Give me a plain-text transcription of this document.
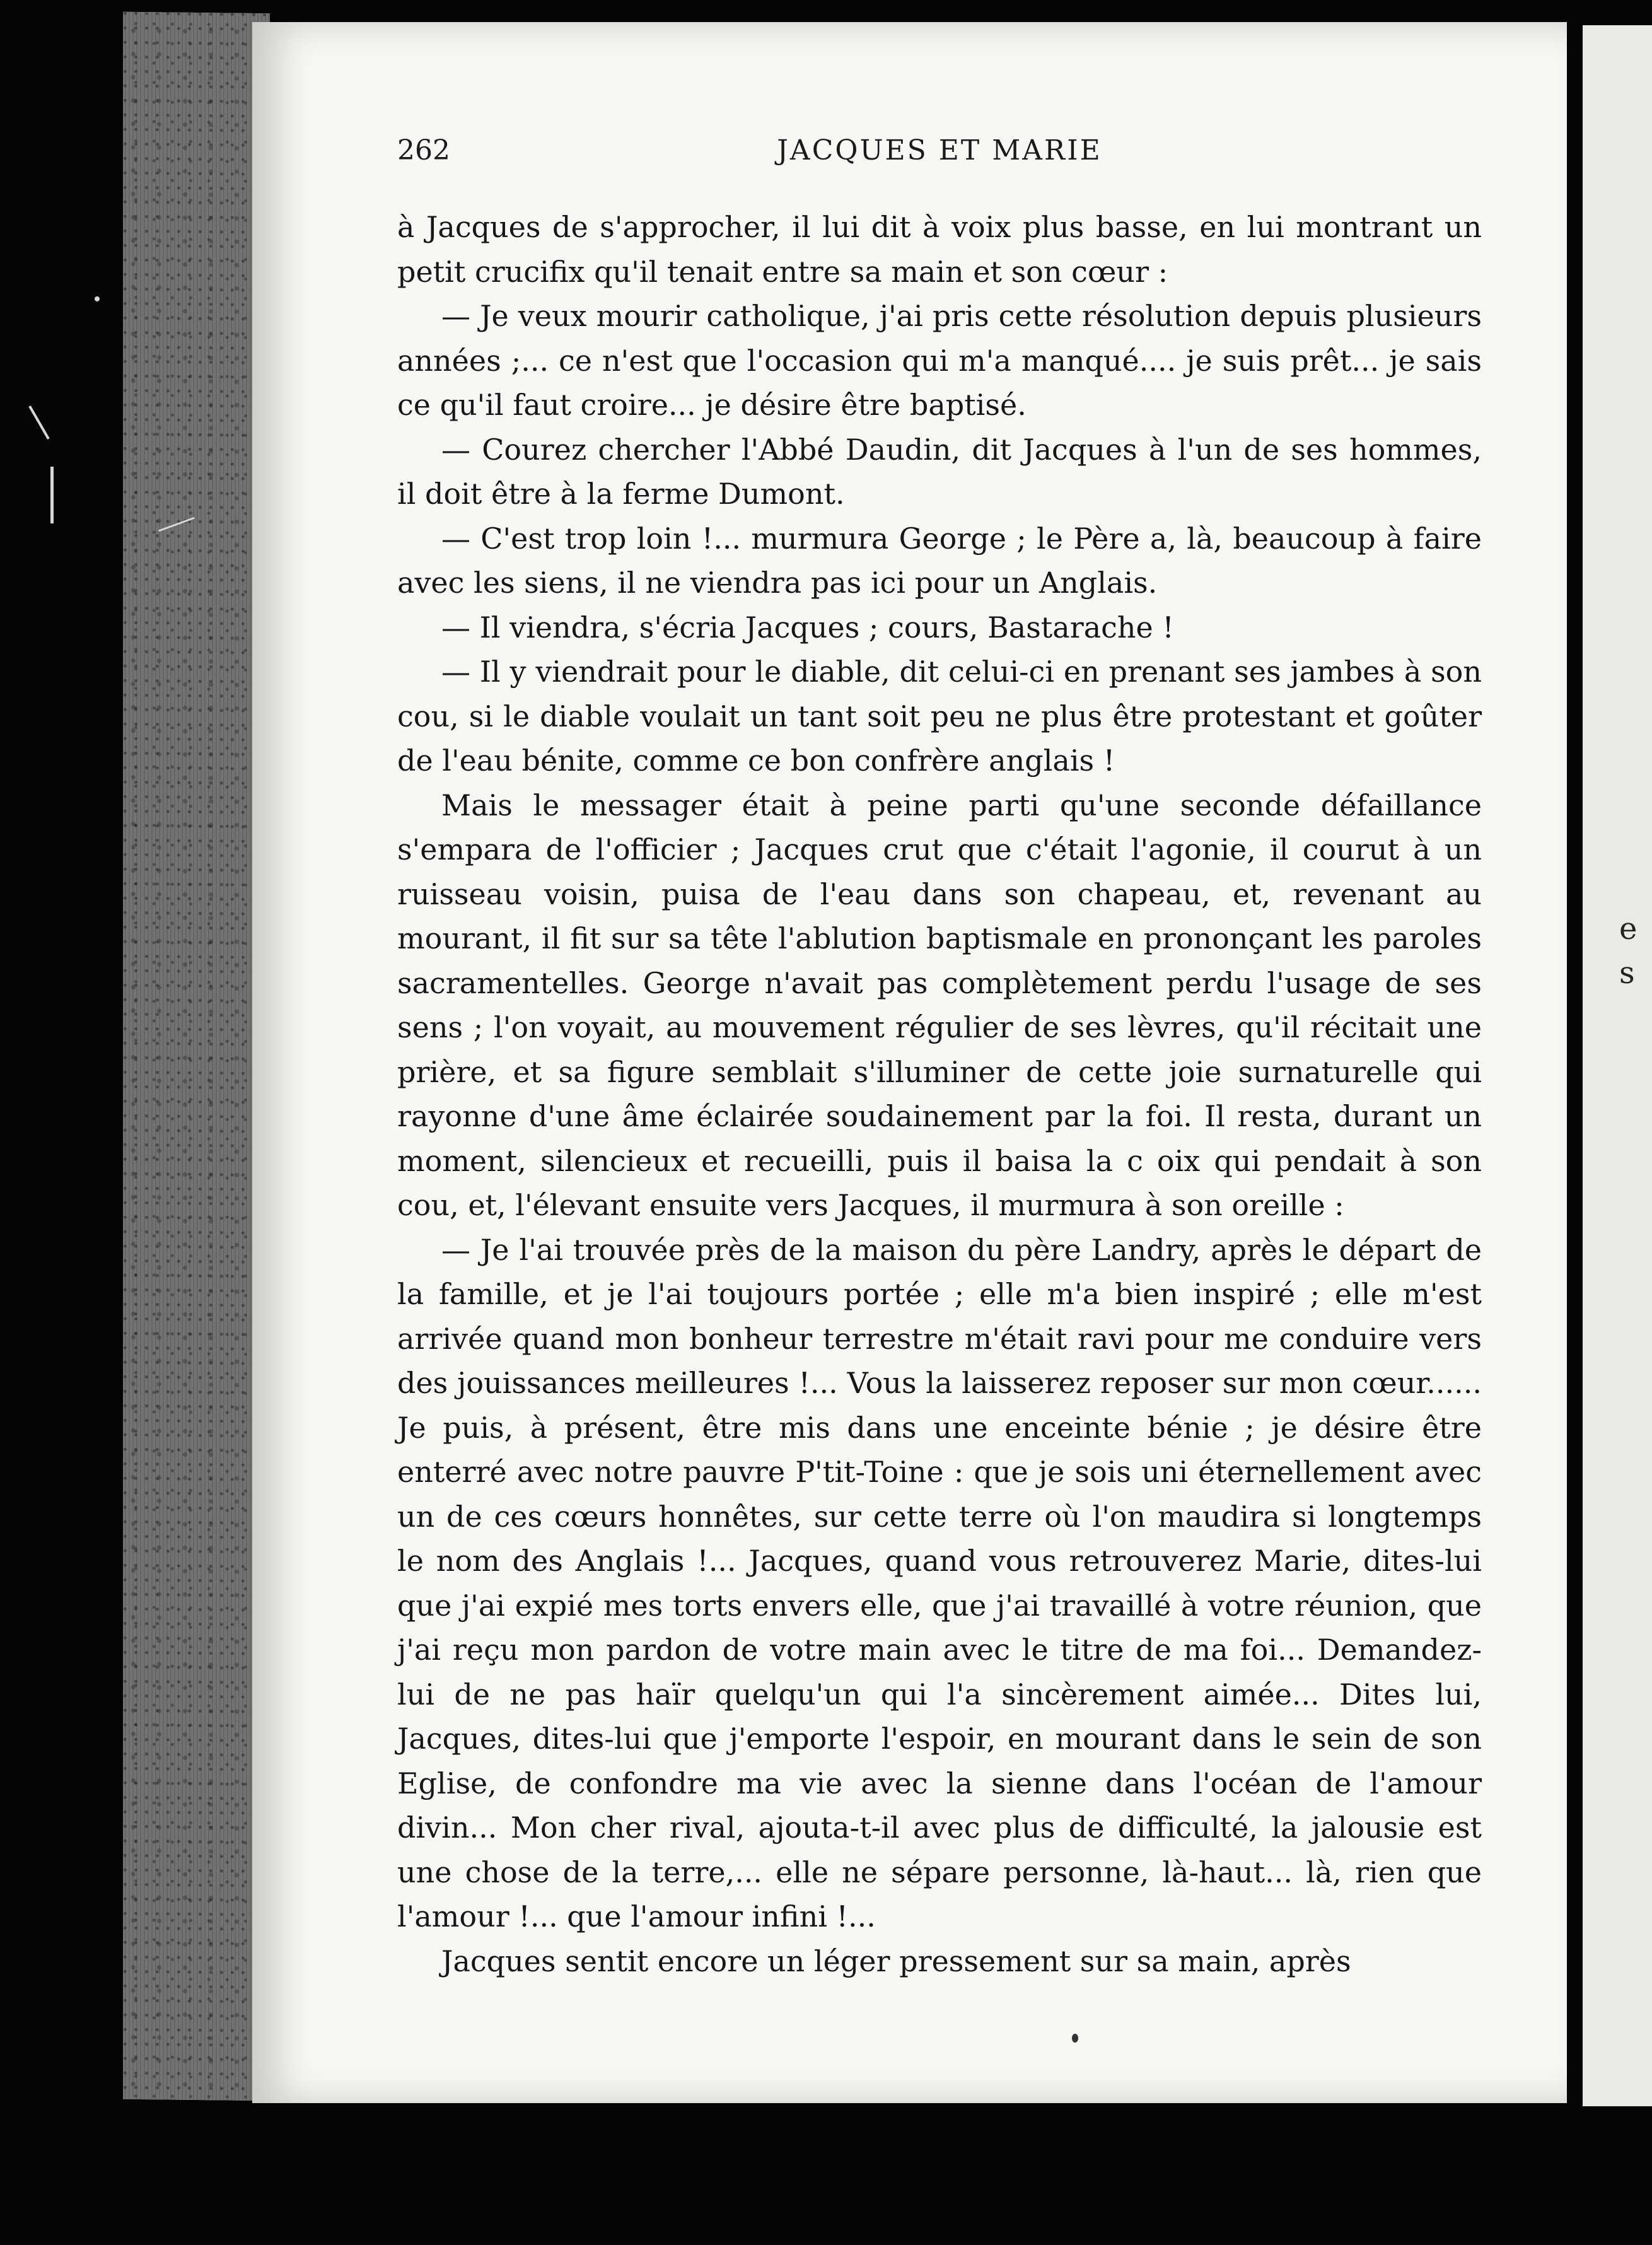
262	JACQUES ET MARIE

à Jacques de s'approcher, il lui dit à voix plus basse, en lui montrant un petit crucifix qu'il tenait entre sa main et son cœur :

— Je veux mourir catholique, j'ai pris cette résolution depuis plusieurs années ;... ce n'est que l'occasion qui m'a manqué.... je suis prêt... je sais ce qu'il faut croire... je désire être baptisé.

— Courez chercher l'Abbé Daudin, dit Jacques à l'un de ses hommes, il doit être à la ferme Dumont.

— C'est trop loin !... murmura George ; le Père a, là, beaucoup à faire avec les siens, il ne viendra pas ici pour un Anglais.

— Il viendra, s'écria Jacques ; cours, Bastarache !

— Il y viendrait pour le diable, dit celui-ci en prenant ses jambes à son cou, si le diable voulait un tant soit peu ne plus être protestant et goûter de l'eau bénite, comme ce bon confrère anglais !

Mais le messager était à peine parti qu'une seconde défaillance s'empara de l'officier ; Jacques crut que c'était l'agonie, il courut à un ruisseau voisin, puisa de l'eau dans son chapeau, et, revenant au mourant, il fit sur sa tête l'ablution baptismale en prononçant les paroles sacramentelles. George n'avait pas complètement perdu l'usage de ses sens ; l'on voyait, au mouvement régulier de ses lèvres, qu'il récitait une prière, et sa figure semblait s'illuminer de cette joie surnaturelle qui rayonne d'une âme éclairée soudainement par la foi. Il resta, durant un moment, silencieux et recueilli, puis il baisa la c oix qui pendait à son cou, et, l'élevant ensuite vers Jacques, il murmura à son oreille :

— Je l'ai trouvée près de la maison du père Landry, après le départ de la famille, et je l'ai toujours portée ; elle m'a bien inspiré ; elle m'est arrivée quand mon bonheur terrestre m'était ravi pour me conduire vers des jouissances meilleures !... Vous la laisserez reposer sur mon cœur...... Je puis, à présent, être mis dans une enceinte bénie ; je désire être enterré avec notre pauvre P'tit-Toine : que je sois uni éternellement avec un de ces cœurs honnêtes, sur cette terre où l'on maudira si longtemps le nom des Anglais !... Jacques, quand vous retrouverez Marie, dites-lui que j'ai expié mes torts envers elle, que j'ai travaillé à votre réunion, que j'ai reçu mon pardon de votre main avec le titre de ma foi... Demandez-lui de ne pas haïr quelqu'un qui l'a sincèrement aimée... Dites lui, Jacques, dites-lui que j'emporte l'espoir, en mourant dans le sein de son Eglise, de confondre ma vie avec la sienne dans l'océan de l'amour divin... Mon cher rival, ajouta-t-il avec plus de difficulté, la jalousie est une chose de la terre,... elle ne sépare personne, là-haut... là, rien que l'amour !... que l'amour infini !...

Jacques sentit encore un léger pressement sur sa main, après

e
s
